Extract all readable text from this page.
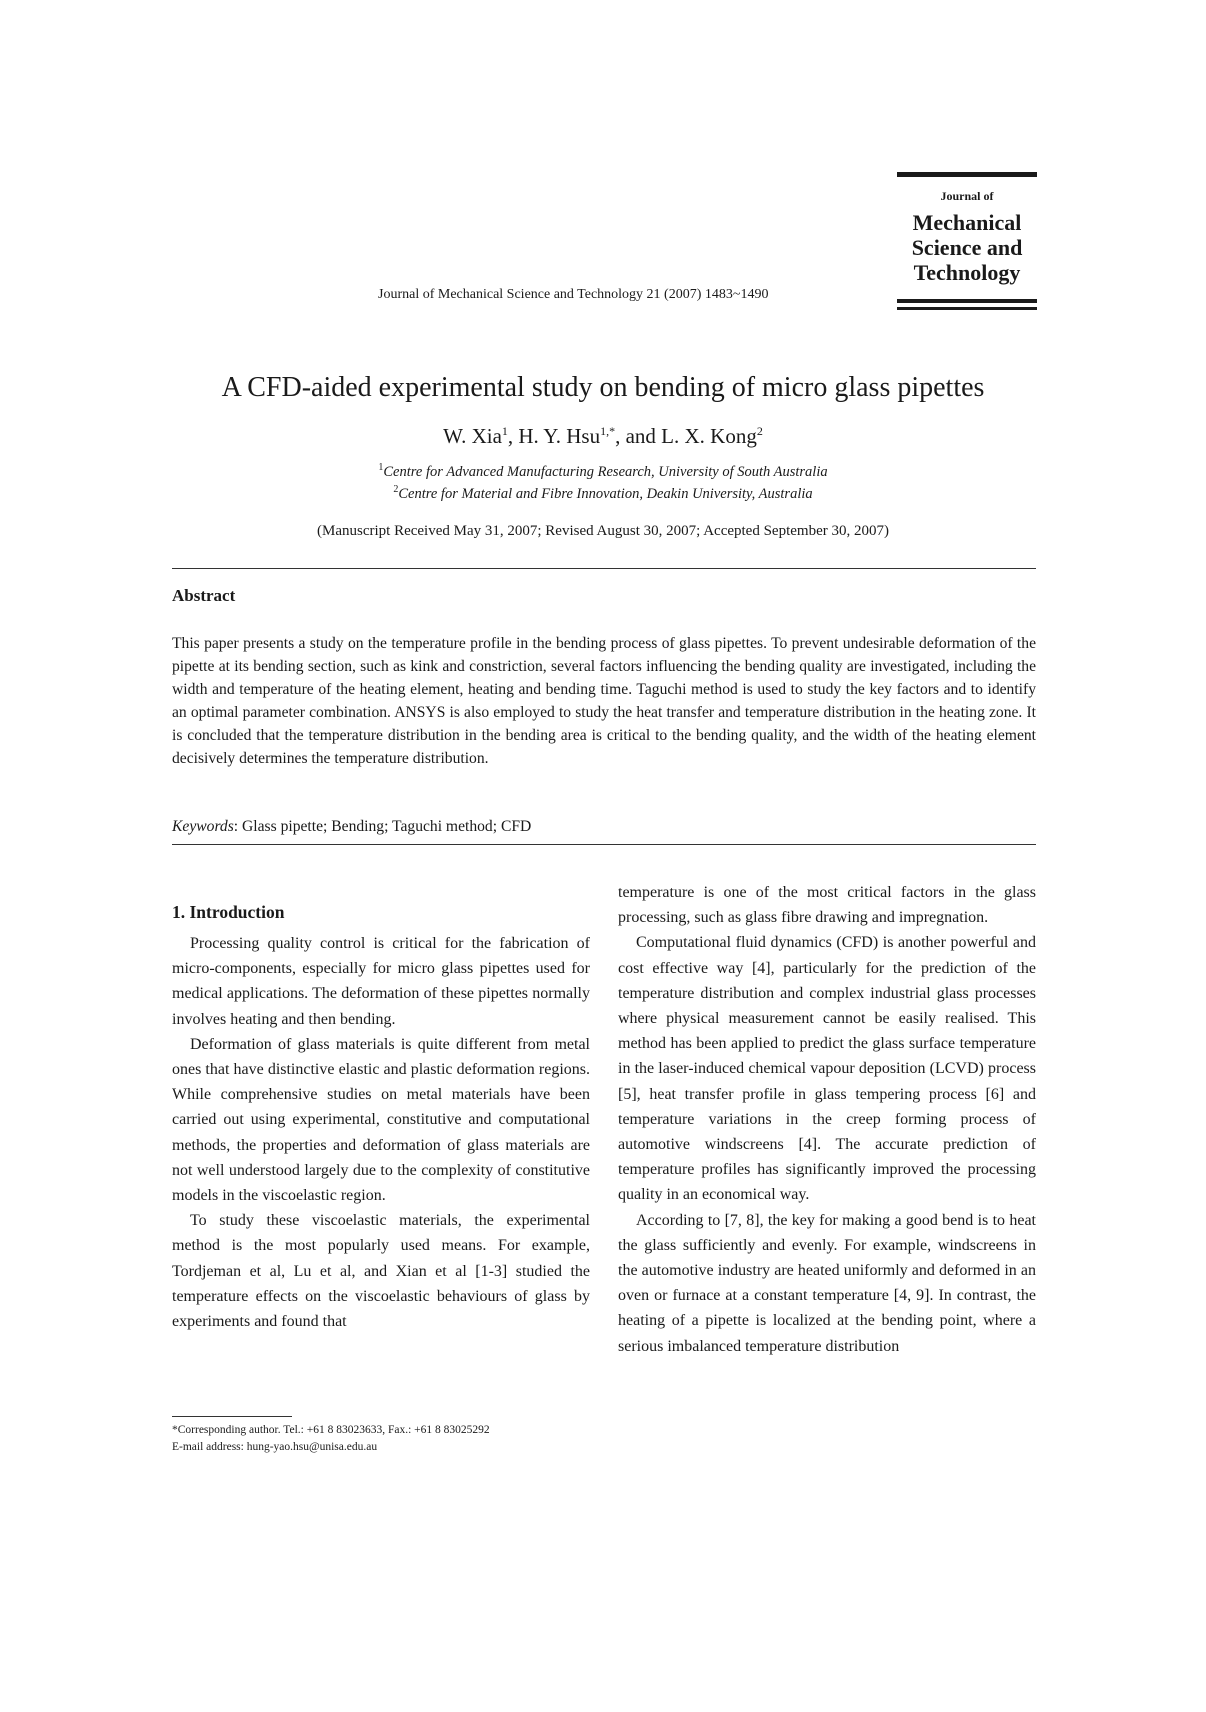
Journal of Mechanical Science and Technology 21 (2007) 1483~1490
Journal of
Mechanical
Science and
Technology
A CFD-aided experimental study on bending of micro glass pipettes
W. Xia$^1$, H. Y. Hsu$^{1,*}$, and L. X. Kong$^2$
$^1$Centre for Advanced Manufacturing Research, University of South Australia
$^2$Centre for Material and Fibre Innovation, Deakin University, Australia
(Manuscript Received May 31, 2007; Revised August 30, 2007; Accepted September 30, 2007)
Abstract
This paper presents a study on the temperature profile in the bending process of glass pipettes. To prevent undesirable deformation of the pipette at its bending section, such as kink and constriction, several factors influencing the bending quality are investigated, including the width and temperature of the heating element, heating and bending time. Taguchi method is used to study the key factors and to identify an optimal parameter combination. ANSYS is also employed to study the heat transfer and temperature distribution in the heating zone. It is concluded that the temperature distribution in the bending area is critical to the bending quality, and the width of the heating element decisively determines the temperature distribution.
Keywords: Glass pipette; Bending; Taguchi method; CFD
1. Introduction

Processing quality control is critical for the fabrication of micro-components, especially for micro glass pipettes used for medical applications. The deformation of these pipettes normally involves heating and then bending.

Deformation of glass materials is quite different from metal ones that have distinctive elastic and plastic deformation regions. While comprehensive studies on metal materials have been carried out using experimental, constitutive and computational methods, the properties and deformation of glass materials are not well understood largely due to the complexity of constitutive models in the viscoelastic region.

To study these viscoelastic materials, the experimental method is the most popularly used means. For example, Tordjeman et al, Lu et al, and Xian et al [1-3] studied the temperature effects on the viscoelastic behaviours of glass by experiments and found that

temperature is one of the most critical factors in the glass processing, such as glass fibre drawing and impregnation.

Computational fluid dynamics (CFD) is another powerful and cost effective way [4], particularly for the prediction of the temperature distribution and complex industrial glass processes where physical measurement cannot be easily realised. This method has been applied to predict the glass surface temperature in the laser-induced chemical vapour deposition (LCVD) process [5], heat transfer profile in glass tempering process [6] and temperature variations in the creep forming process of automotive windscreens [4]. The accurate prediction of temperature profiles has significantly improved the processing quality in an economical way.

According to [7, 8], the key for making a good bend is to heat the glass sufficiently and evenly. For example, windscreens in the automotive industry are heated uniformly and deformed in an oven or furnace at a constant temperature [4, 9]. In contrast, the heating of a pipette is localized at the bending point, where a serious imbalanced temperature distribution

*Corresponding author. Tel.: +61 8 83023633, Fax.: +61 8 83025292
E-mail address: hung-yao.hsu@unisa.edu.au
